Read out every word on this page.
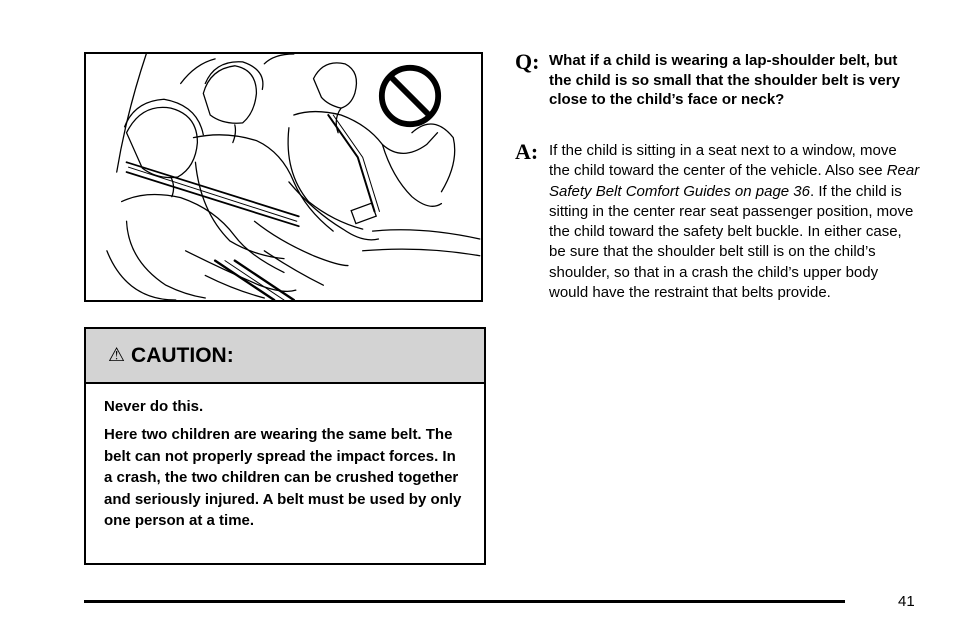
⚠ CAUTION:

Never do this.

Here two children are wearing the same belt. The belt can not properly spread the impact forces. In a crash, the two children can be crushed together and seriously injured. A belt must be used by only one person at a time.

Q: What if a child is wearing a lap-shoulder belt, but the child is so small that the shoulder belt is very close to the child’s face or neck?
A: If the child is sitting in a seat next to a window, move the child toward the center of the vehicle. Also see Rear Safety Belt Comfort Guides on page 36. If the child is sitting in the center rear seat passenger position, move the child toward the safety belt buckle. In either case, be sure that the shoulder belt still is on the child’s shoulder, so that in a crash the child’s upper body would have the restraint that belts provide.
41
